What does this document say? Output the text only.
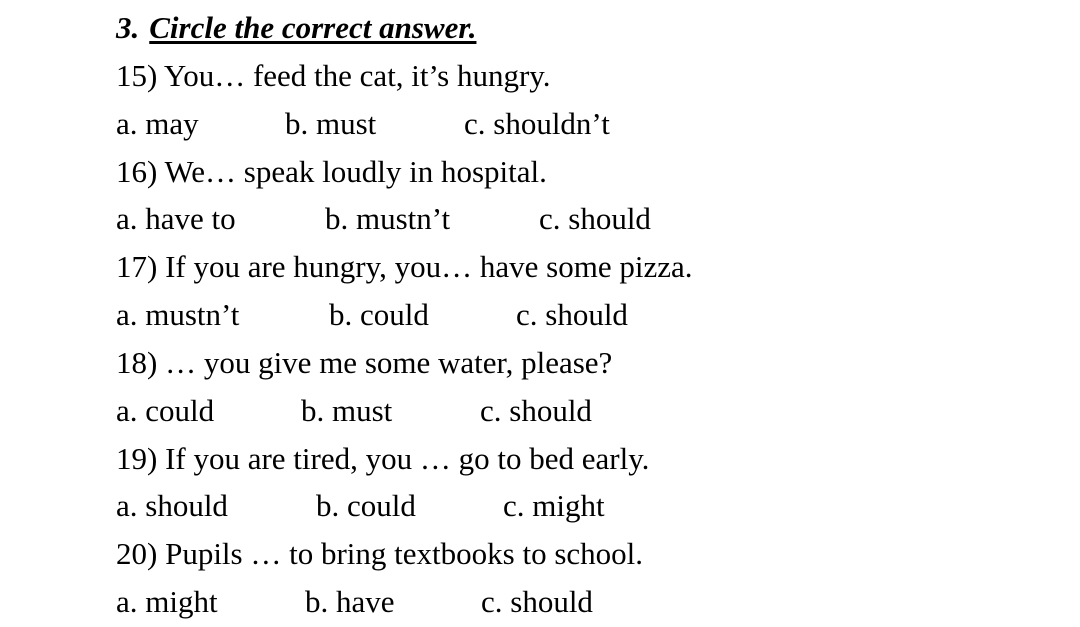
3. Circle the correct answer.
15) You… feed the cat, it’s hungry.
a. may	b. must	c. shouldn’t
16) We… speak loudly in hospital.
a. have to	b. mustn’t	c. should
17) If you are hungry, you… have some pizza.
a. mustn’t	b. could	c. should
18) … you give me some water, please?
a. could	b. must	c. should
19) If you are tired, you … go to bed early.
a. should	b. could	c. might
20) Pupils … to bring textbooks to school.
a. might	b. have	c. should
